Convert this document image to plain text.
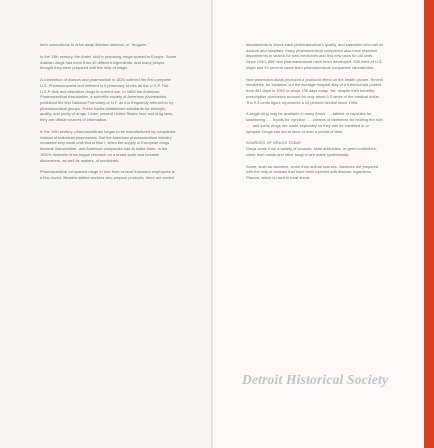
herb concoctions to drive away disease demons, or "drogues."

In the 13th century, the Arabs' skill in preparing drugs spread to Europe. Some Arabian drugs had more than 40 different ingredients, and many people thought they were prepared with the help of magic.

A convention of doctors and pharmacists in 1820 outlined the first complete U.S. Pharmacopoeia and referred to it pharmacy circles as the U.S.P. The U.S.P. lists and describes drugs in current use. In 1888 the American Pharmaceutical Association, a scientific society of American pharmacists, published the first National Formulary or N.F. as it is frequently referred to by pharmaceutical groups. These books established standards for strength, quality, and purity of drugs. Under present United States food and drug laws, they are official sources of information.

In the 19th century, pharmaceuticals began to be manufactured by companies instead of individual pharmacists. But the American pharmaceutical industry remained very small until World War I, when the supply of European drugs became inaccessible, and American companies had to make them. In the 1930's domestic firms began research on a broad scale and became discoverers, as well as makers, of medicines.

Pharmaceutical companies range in size from several thousand employees to a few dozen. Besides skilled workers who prepare products, there are control

departments to check each pharmaceutical's quality, and salesmen who call on doctors and hospitals. Many pharmaceutical companies also have research departments to search for new medicines and find new uses for old ones. Since 1940, 868 new pharmaceuticals have been developed. 536 were of U.S. origin and 92 percent came from pharmaceutical companies' laboratories.

New pharmaceuticals produced a profound effect on the health picture. Recent medicines, for instance, cut the average hospital stay of a tuberculosis patient from 461 days in 1950 to about 138 days today. Yet, despite their benefits, prescription purchases account for only about 9.3 cents of the medical dollar. The 9.3 cents figure represents a 12 percent decline since 1958.

A single drug may be available in many forms . . . tablets or capsules for swallowing . . . liquids for injection . . . creams or ointments for healing the skin . . . and some drugs are made especially so they can be breathed in or sprayed. Drugs can act at once or over a period of time.

SOURCES OF DRUGS TODAY

Drugs come from a variety of sources. Most antibiotics, or germ controllers, come from molds and other fungi or are made synthetically.

Some, such as vaccines, come from animal sources. Vaccines are prepared with the help of animals that have been injected with disease organisms. Plasma, which is used to treat shock

Detroit Historical Society
